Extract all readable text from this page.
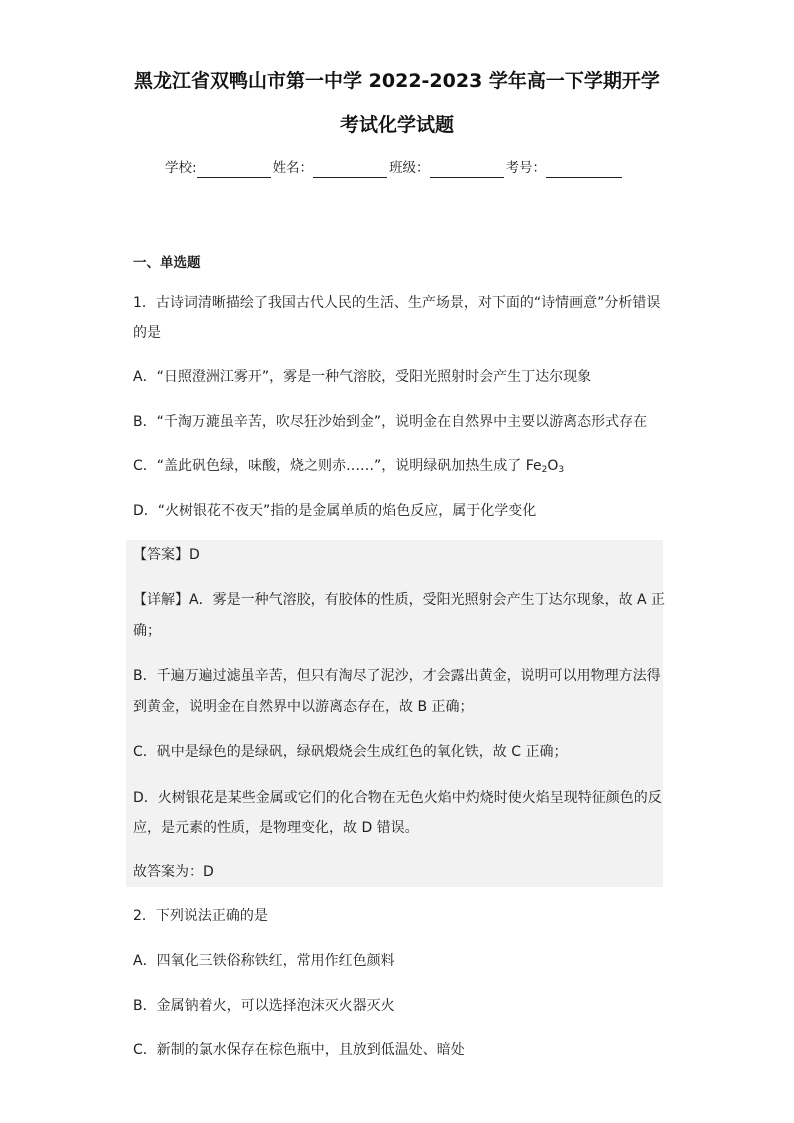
黑龙江省双鸭山市第一中学 2022-2023 学年高一下学期开学
考试化学试题
学校:	姓名：	班级：	考号：
一、单选题
1．古诗词清晰描绘了我国古代人民的生活、生产场景，对下面的“诗情画意”分析错误
的是
A．“日照澄洲江雾开”，雾是一种气溶胶，受阳光照射时会产生丁达尔现象
B．“千淘万漉虽辛苦，吹尽狂沙始到金”，说明金在自然界中主要以游离态形式存在
C．“盖此矾色绿，味酸，烧之则赤……”，说明绿矾加热生成了 $Fe_2O_3$
D．“火树银花不夜天”指的是金属单质的焰色反应，属于化学变化
【答案】D
【详解】A．雾是一种气溶胶，有胶体的性质，受阳光照射会产生丁达尔现象，故 A 正
确；
B．千遍万遍过滤虽辛苦，但只有淘尽了泥沙，才会露出黄金，说明可以用物理方法得
到黄金，说明金在自然界中以游离态存在，故 B 正确；
C．矾中是绿色的是绿矾，绿矾煅烧会生成红色的氧化铁，故 C 正确；
D．火树银花是某些金属或它们的化合物在无色火焰中灼烧时使火焰呈现特征颜色的反
应，是元素的性质，是物理变化，故 D 错误。
故答案为：D
2．下列说法正确的是
A．四氧化三铁俗称铁红，常用作红色颜料
B．金属钠着火，可以选择泡沫灭火器灭火
C．新制的氯水保存在棕色瓶中，且放到低温处、暗处
